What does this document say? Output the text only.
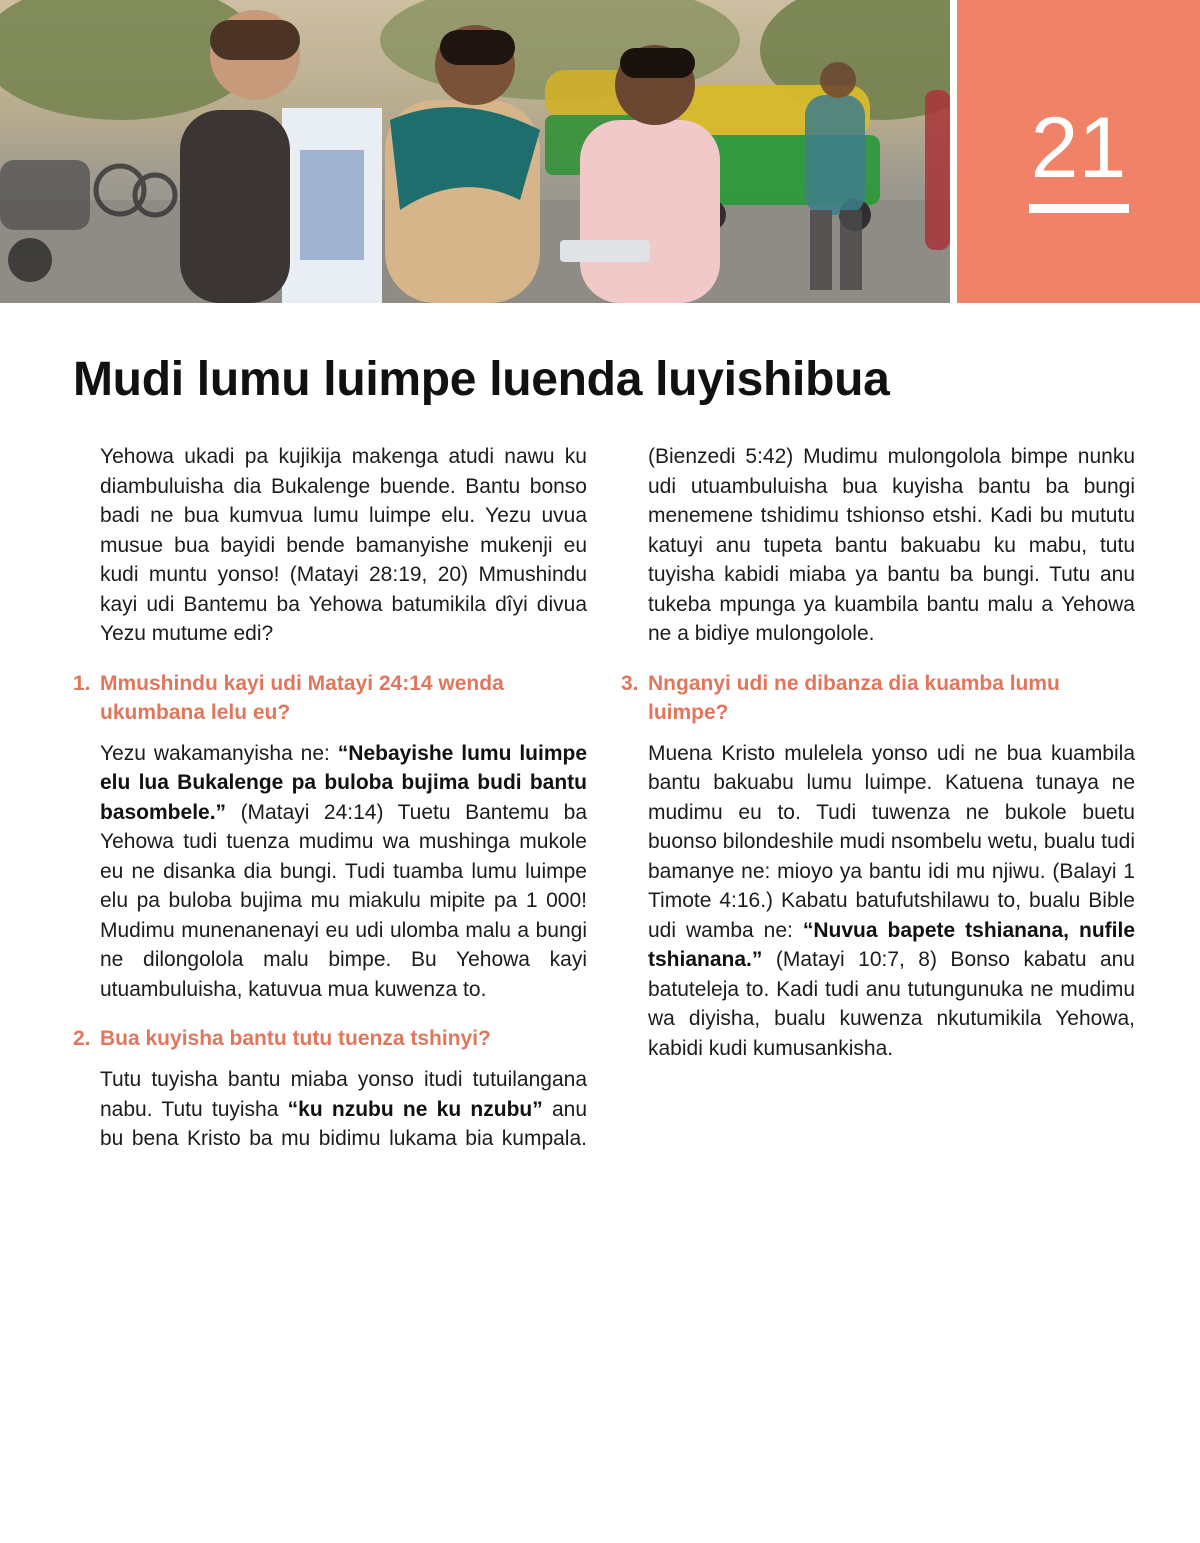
21
Mudi lumu luimpe luenda luyishibua

Yehowa ukadi pa kujikija makenga atudi nawu ku diambuluisha dia Bukalenge buende. Bantu bonso badi ne bua kumvua lumu luimpe elu. Yezu uvua musue bua bayidi bende bamanyishe mukenji eu kudi muntu yonso! (Matayi 28:19, 20) Mmushindu kayi udi Bantemu ba Yehowa batumikila dîyi divua Yezu mutume edi?

1. Mmushindu kayi udi Matayi 24:14 wenda ukumbana lelu eu?

Yezu wakamanyisha ne: “Nebayishe lumu luimpe elu lua Bukalenge pa buloba bujima budi bantu basombele.” (Matayi 24:14) Tuetu Bantemu ba Yehowa tudi tuenza mudimu wa mushinga mukole eu ne disanka dia bungi. Tudi tuamba lumu luimpe elu pa buloba bujima mu miakulu mipite pa 1 000! Mudimu munenanenayi eu udi ulomba malu a bungi ne dilongolola malu bimpe. Bu Yehowa kayi utuambuluisha, katuvua mua kuwenza to.

2. Bua kuyisha bantu tutu tuenza tshinyi?

Tutu tuyisha bantu miaba yonso itudi tutuilangana nabu. Tutu tuyisha “ku nzubu ne ku nzubu” anu bu bena Kristo ba mu bidimu lukama bia kumpala. (Bienzedi 5:42) Mudimu mulongolola bimpe nunku udi utuambuluisha bua kuyisha bantu ba bungi menemene tshidimu tshionso etshi. Kadi bu mututu katuyi anu tupeta bantu bakuabu ku mabu, tutu tuyisha kabidi miaba ya bantu ba bungi. Tutu anu tukeba mpunga ya kuambila bantu malu a Yehowa ne a bidiye mulongolole.

3. Nnganyi udi ne dibanza dia kuamba lumu luimpe?

Muena Kristo mulelela yonso udi ne bua kuambila bantu bakuabu lumu luimpe. Katuena tunaya ne mudimu eu to. Tudi tuwenza ne bukole buetu buonso bilondeshile mudi nsombelu wetu, bualu tudi bamanye ne: mioyo ya bantu idi mu njiwu. (Balayi 1 Timote 4:16.) Kabatu batufutshilawu to, bualu Bible udi wamba ne: “Nuvua bapete tshianana, nufile tshianana.” (Matayi 10:7, 8) Bonso kabatu anu batuteleja to. Kadi tudi anu tutungunuka ne mudimu wa diyisha, bualu kuwenza nkutumikila Yehowa, kabidi kudi kumusankisha.
